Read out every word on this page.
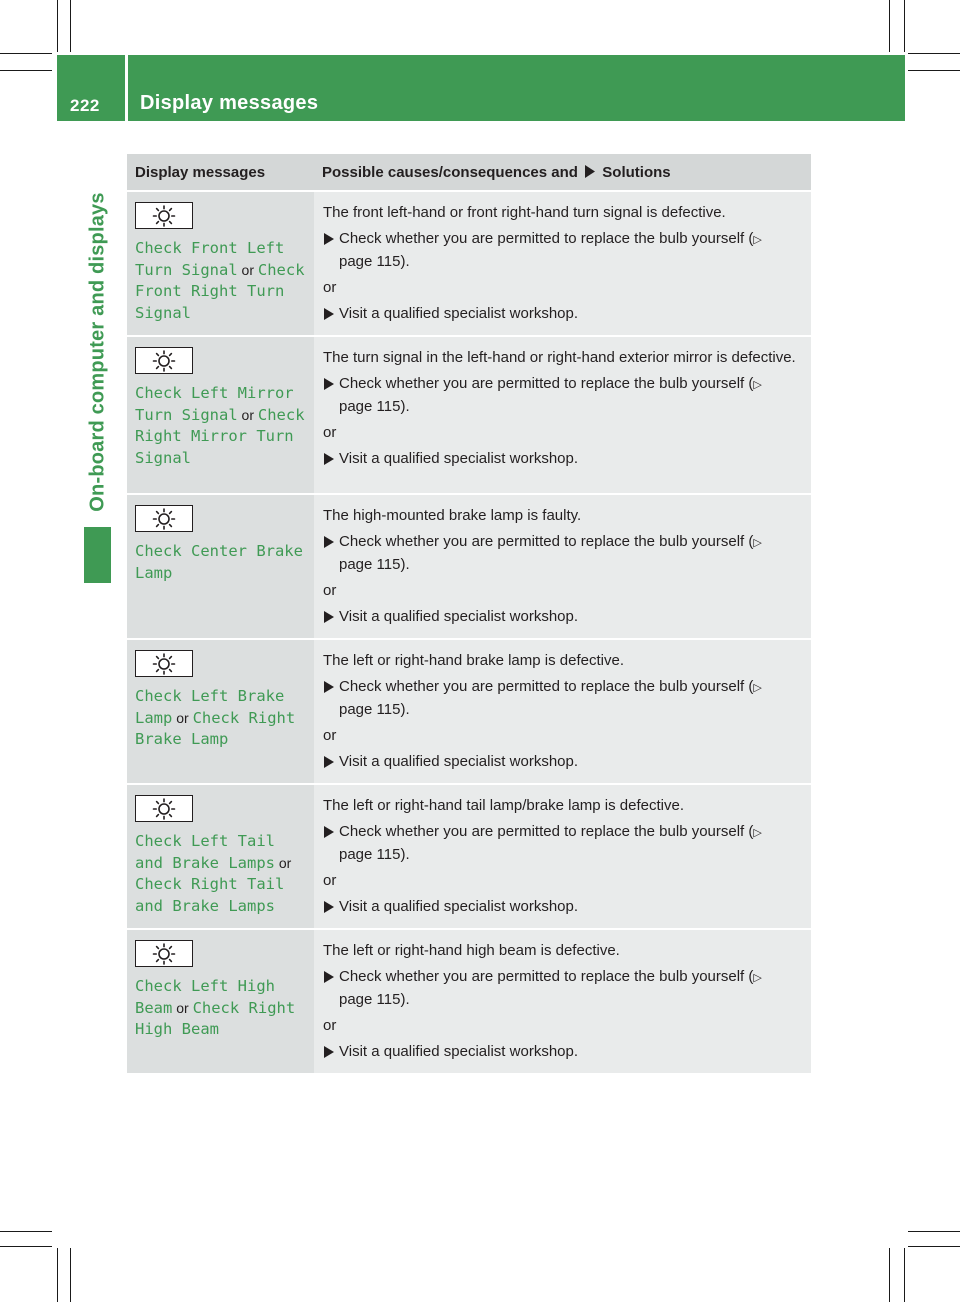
222 Display messages
On-board computer and displays
Display messages	Possible causes/consequences and Solutions

Check Front Left Turn Signal or Check Front Right Turn Signal	The front left-hand or front right-hand turn signal is defective.

Check whether you are permitted to replace the bulb yourself (▷ page 115).
or
Visit a qualified specialist workshop.

Check Left Mirror Turn Signal or Check Right Mirror Turn Signal	The turn signal in the left-hand or right-hand exterior mirror is defective.

Check whether you are permitted to replace the bulb yourself (▷ page 115).
or
Visit a qualified specialist workshop.

Check Center Brake Lamp	The high-mounted brake lamp is faulty.

Check whether you are permitted to replace the bulb yourself (▷ page 115).
or
Visit a qualified specialist workshop.

Check Left Brake Lamp or Check Right Brake Lamp	The left or right-hand brake lamp is defective.

Check whether you are permitted to replace the bulb yourself (▷ page 115).
or
Visit a qualified specialist workshop.

Check Left Tail and Brake Lamps or Check Right Tail and Brake Lamps	The left or right-hand tail lamp/brake lamp is defective.

Check whether you are permitted to replace the bulb yourself (▷ page 115).
or
Visit a qualified specialist workshop.

Check Left High Beam or Check Right High Beam	The left or right-hand high beam is defective.

Check whether you are permitted to replace the bulb yourself (▷ page 115).
or
Visit a qualified specialist workshop.
